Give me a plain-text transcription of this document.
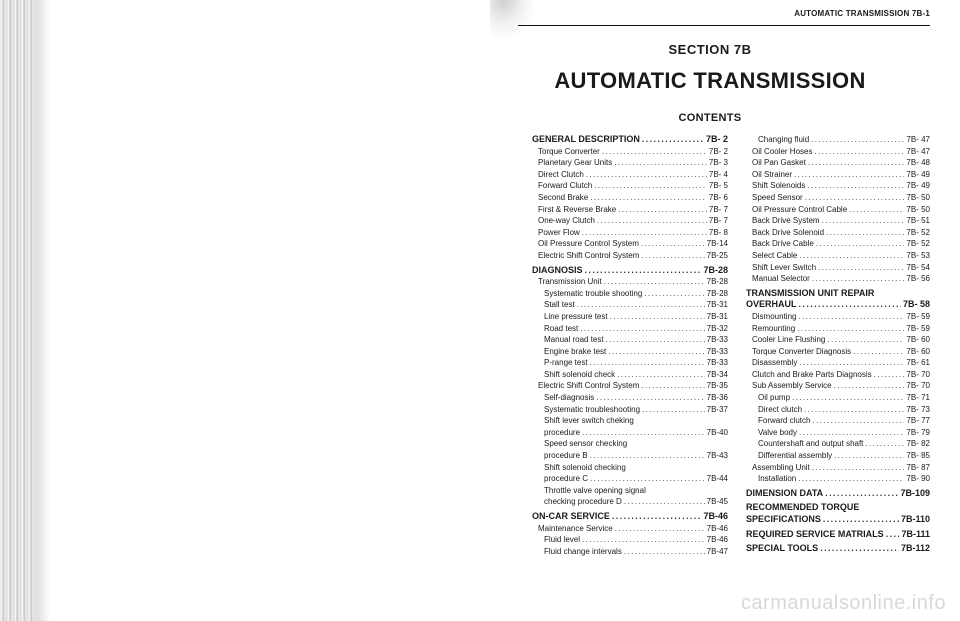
AUTOMATIC TRANSMISSION 7B-1
SECTION 7B
AUTOMATIC TRANSMISSION
CONTENTS
GENERAL DESCRIPTION .....	7B- 2
Torque Converter .....	7B- 2
Planetary Gear Units .....	7B- 3
Direct Clutch .....	7B- 4
Forward Clutch .....	7B- 5
Second Brake .....	7B- 6
First & Reverse Brake .....	7B- 7
One-way Clutch .....	7B- 7
Power Flow .....	7B- 8
Oil Pressure Control System .....	7B-14
Electric Shift Control System .....	7B-25
DIAGNOSIS .....	7B-28
Transmission Unit .....	7B-28
Systematic trouble shooting .....	7B-28
Stall test .....	7B-31
Line pressure test .....	7B-31
Road test .....	7B-32
Manual road test .....	7B-33
Engine brake test .....	7B-33
P-range test .....	7B-33
Shift solenoid check .....	7B-34
Electric Shift Control System .....	7B-35
Self-diagnosis .....	7B-36
Systematic troubleshooting .....	7B-37
Shift lever switch cheking
procedure .....	7B-40
Speed sensor checking
procedure B .....	7B-43
Shift solenoid checking
procedure C .....	7B-44
Throttle valve opening signal
checking procedure D .....	7B-45
ON-CAR SERVICE .....	7B-46
Maintenance Service .....	7B-46
Fluid level .....	7B-46
Fluid change intervals .....	7B-47
Changing fluid .....	7B- 47
Oil Cooler Hoses .....	7B- 47
Oil Pan Gasket .....	7B- 48
Oil Strainer .....	7B- 49
Shift Solenoids .....	7B- 49
Speed Sensor .....	7B- 50
Oil Pressure Control Cable .....	7B- 50
Back Drive System .....	7B- 51
Back Drive Solenoid .....	7B- 52
Back Drive Cable .....	7B- 52
Select Cable .....	7B- 53
Shift Lever Switch .....	7B- 54
Manual Selector .....	7B- 56
TRANSMISSION UNIT REPAIR
OVERHAUL .....	7B- 58
Dismounting .....	7B- 59
Remounting .....	7B- 59
Cooler Line Flushing .....	7B- 60
Torque Converter Diagnosis .....	7B- 60
Disassembly .....	7B- 61
Clutch and Brake Parts Diagnosis .....	7B- 70
Sub Assembly Service .....	7B- 70
Oil pump .....	7B- 71
Direct clutch .....	7B- 73
Forward clutch .....	7B- 77
Valve body .....	7B- 79
Countershaft and output shaft .....	7B- 82
Differential assembly .....	7B- 85
Assembling Unit .....	7B- 87
Installation .....	7B- 90
DIMENSION DATA .....	7B-109
RECOMMENDED TORQUE
SPECIFICATIONS .....	7B-110
REQUIRED SERVICE MATRIALS ..... 7B-111
SPECIAL TOOLS .....	7B-112
carmanualsonline.info
